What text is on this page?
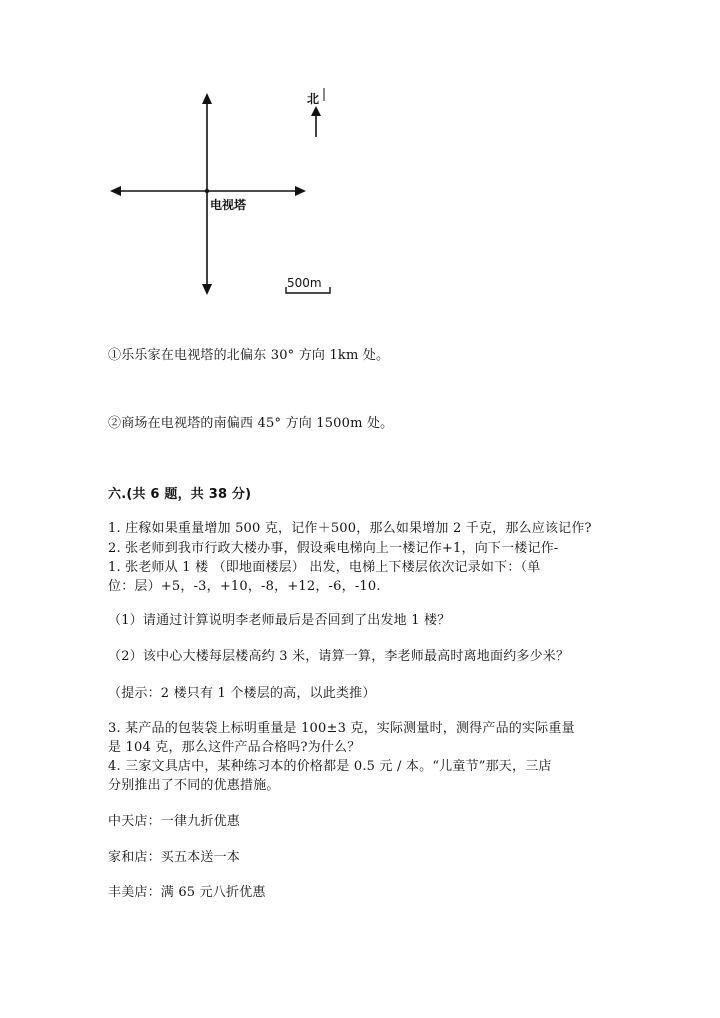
北
电视塔
500m
①乐乐家在电视塔的北偏东 30° 方向 1km 处。
②商场在电视塔的南偏西 45° 方向 1500m 处。
六.(共 6 题，共 38 分)
1. 庄稼如果重量增加 500 克，记作＋500，那么如果增加 2 千克，那么应该记作?
2. 张老师到我市行政大楼办事，假设乘电梯向上一楼记作+1，向下一楼记作-
1. 张老师从 1 楼 （即地面楼层） 出发，电梯上下楼层依次记录如下：（单
位：层）+5，-3，+10，-8，+12，-6，-10.
（1）请通过计算说明李老师最后是否回到了出发地 1 楼？
（2）该中心大楼每层楼高约 3 米，请算一算，李老师最高时离地面约多少米？
（提示：2 楼只有 1 个楼层的高，以此类推）
3. 某产品的包装袋上标明重量是 100±3 克，实际测量时，测得产品的实际重量
是 104 克，那么这件产品合格吗?为什么？
4. 三家文具店中，某种练习本的价格都是 0.5 元 / 本。“儿童节”那天，三店
分别推出了不同的优惠措施。
中天店：一律九折优惠
家和店：买五本送一本
丰美店：满 65 元八折优惠
